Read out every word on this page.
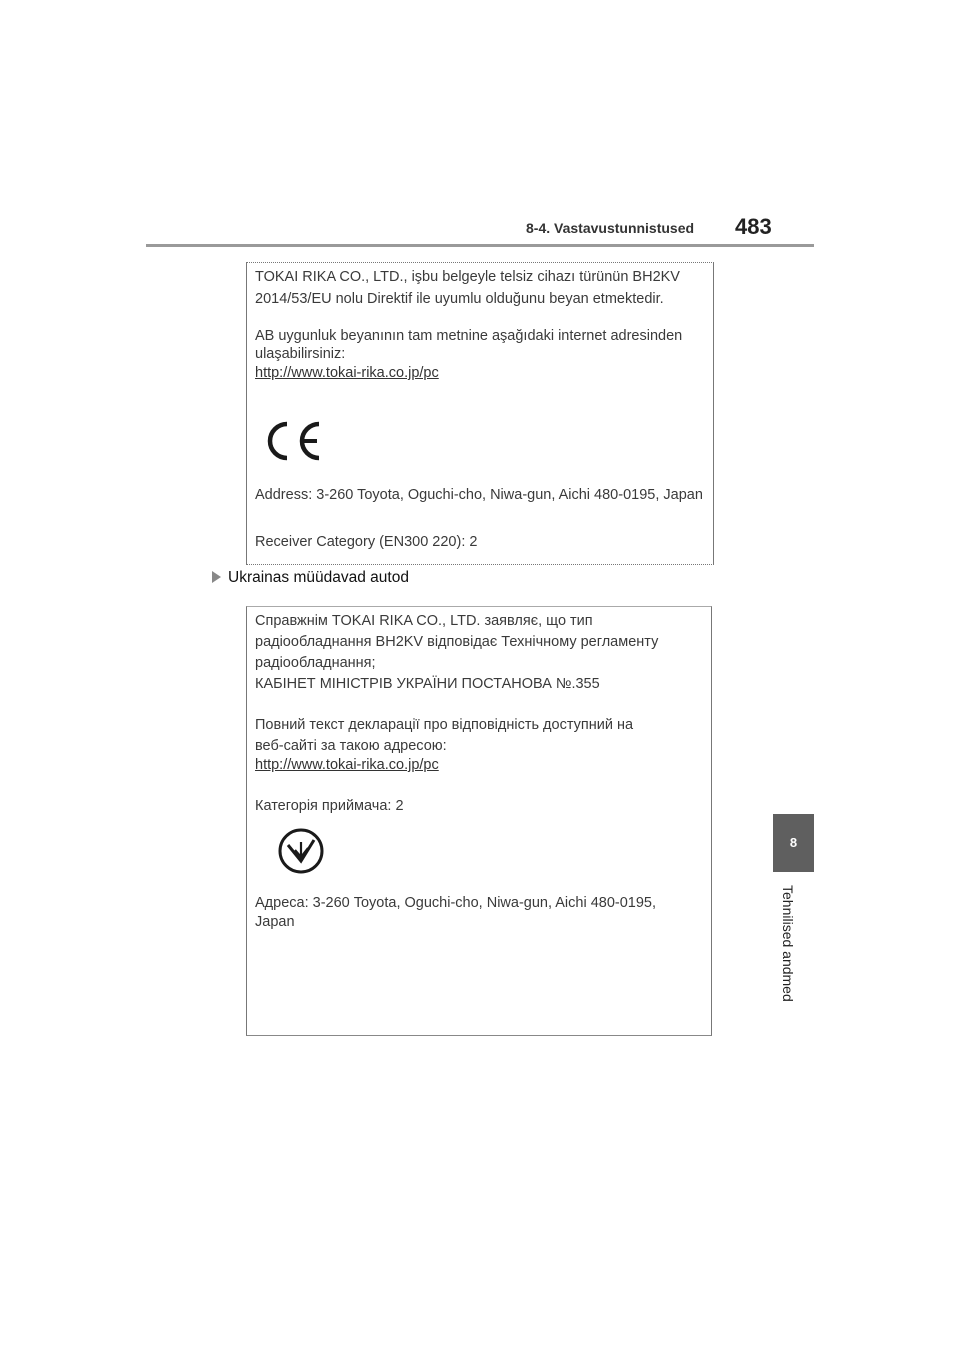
8-4. Vastavustunnistused 483
TOKAI RIKA CO., LTD., işbu belgeyle telsiz cihazı türünün BH2KV
2014/53/EU nolu Direktif ile uyumlu olduğunu beyan etmektedir.
AB uygunluk beyanının tam metnine aşağıdaki internet adresinden
ulaşabilirsiniz:
http://www.tokai-rika.co.jp/pc
Address: 3-260 Toyota, Oguchi-cho, Niwa-gun, Aichi 480-0195, Japan
Receiver Category (EN300 220): 2
Ukrainas müüdavad autod
Справжнім TOKAI RIKA CO., LTD. заявляє, що тип
радіообладнання BH2KV відповідає Технічному регламенту
радіообладнання;
КАБІНЕТ МІНІСТРІВ УКРАЇНИ ПОСТАНОВА №.355
Повний текст декларації про відповідність доступний на
веб-сайті за такою адресою:
http://www.tokai-rika.co.jp/pc
Категорія приймача: 2
Адреса: 3-260 Toyota, Oguchi-cho, Niwa-gun, Aichi 480-0195,
Japan
8
Tehnilised andmed
